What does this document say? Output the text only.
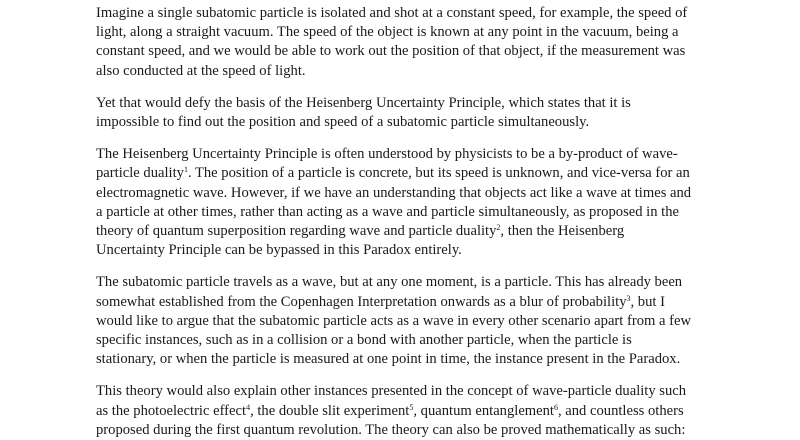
Imagine a single subatomic particle is isolated and shot at a constant speed, for example, the speed of
light, along a straight vacuum. The speed of the object is known at any point in the vacuum, being a
constant speed, and we would be able to work out the position of that object, if the measurement was
also conducted at the speed of light.

Yet that would defy the basis of the Heisenberg Uncertainty Principle, which states that it is
impossible to find out the position and speed of a subatomic particle simultaneously.

The Heisenberg Uncertainty Principle is often understood by physicists to be a by-product of wave-
particle duality$^1$. The position of a particle is concrete, but its speed is unknown, and vice-versa for an
electromagnetic wave. However, if we have an understanding that objects act like a wave at times and
a particle at other times, rather than acting as a wave and particle simultaneously, as proposed in the
theory of quantum superposition regarding wave and particle duality$^2$, then the Heisenberg
Uncertainty Principle can be bypassed in this Paradox entirely.

The subatomic particle travels as a wave, but at any one moment, is a particle. This has already been
somewhat established from the Copenhagen Interpretation onwards as a blur of probability$^3$, but I
would like to argue that the subatomic particle acts as a wave in every other scenario apart from a few
specific instances, such as in a collision or a bond with another particle, when the particle is
stationary, or when the particle is measured at one point in time, the instance present in the Paradox.

This theory would also explain other instances presented in the concept of wave-particle duality such
as the photoelectric effect$^4$, the double slit experiment$^5$, quantum entanglement$^6$, and countless others
proposed during the first quantum revolution. The theory can also be proved mathematically as such:
